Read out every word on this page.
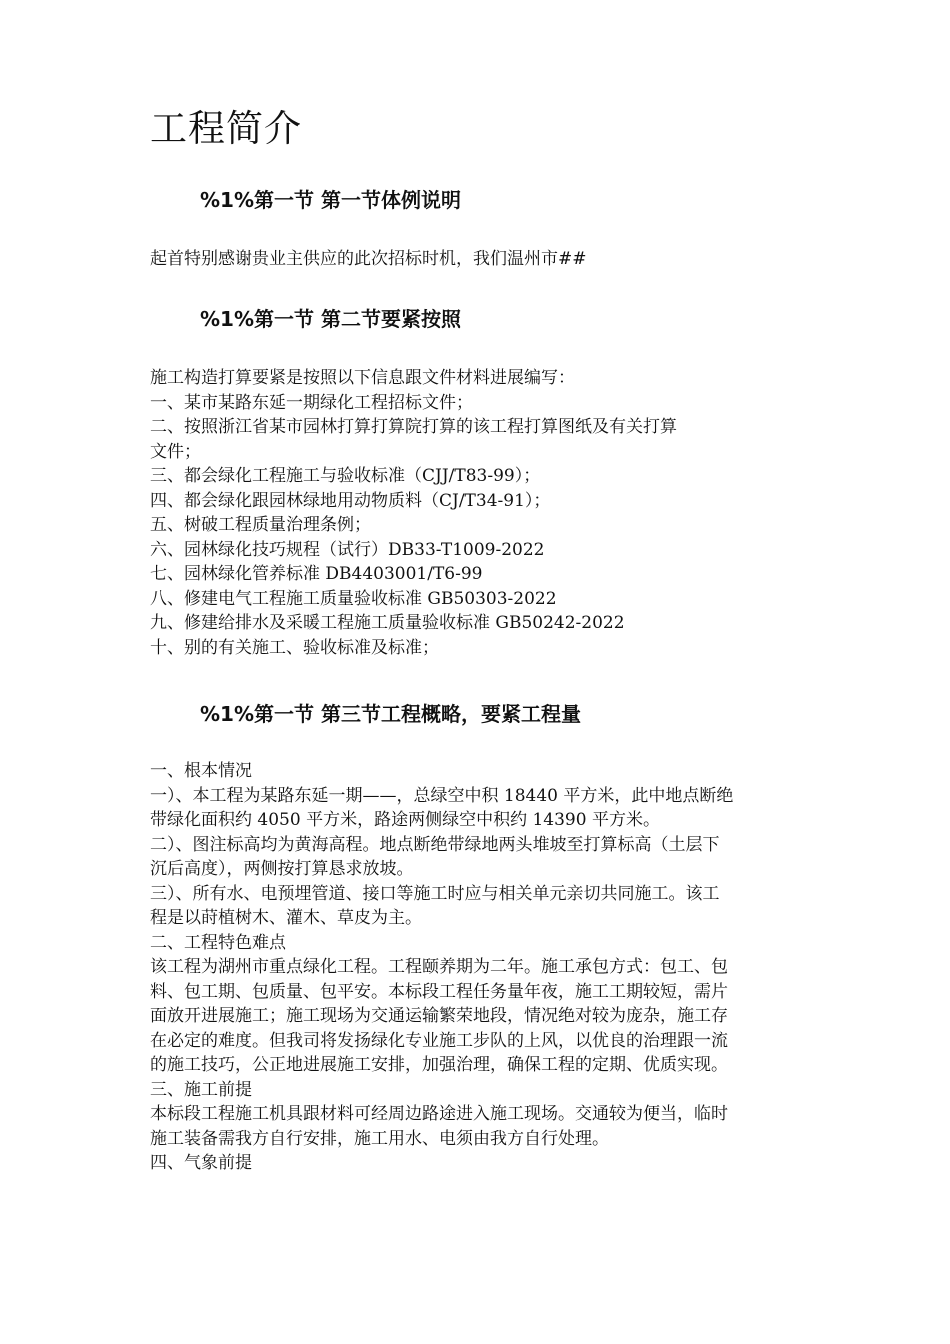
工程简介
%1%第一节 第一节体例说明
起首特别感谢贵业主供应的此次招标时机，我们温州市##
%1%第一节 第二节要紧按照
施工构造打算要紧是按照以下信息跟文件材料进展编写：
一、某市某路东延一期绿化工程招标文件；
二、按照浙江省某市园林打算打算院打算的该工程打算图纸及有关打算
文件；
三、都会绿化工程施工与验收标准（CJJ/T83-99）；
四、都会绿化跟园林绿地用动物质料（CJ/T34-91）；
五、树破工程质量治理条例；
六、园林绿化技巧规程（试行）DB33-T1009-2022
七、园林绿化管养标准 DB4403001/T6-99
八、修建电气工程施工质量验收标准 GB50303-2022
九、修建给排水及采暖工程施工质量验收标准 GB50242-2022
十、别的有关施工、验收标准及标准；
%1%第一节 第三节工程概略，要紧工程量
一、根本情况
一）、本工程为某路东延一期——，总绿空中积 18440 平方米，此中地点断绝
带绿化面积约 4050 平方米，路途两侧绿空中积约 14390 平方米。
二）、图注标高均为黄海高程。地点断绝带绿地两头堆坡至打算标高（土层下
沉后高度），两侧按打算恳求放坡。
三）、所有水、电预埋管道、接口等施工时应与相关单元亲切共同施工。该工
程是以莳植树木、灌木、草皮为主。
二、工程特色难点
该工程为湖州市重点绿化工程。工程颐养期为二年。施工承包方式：包工、包
料、包工期、包质量、包平安。本标段工程任务量年夜，施工工期较短，需片
面放开进展施工；施工现场为交通运输繁荣地段，情况绝对较为庞杂，施工存
在必定的难度。但我司将发扬绿化专业施工步队的上风，以优良的治理跟一流
的施工技巧，公正地进展施工安排，加强治理，确保工程的定期、优质实现。
三、施工前提
本标段工程施工机具跟材料可经周边路途进入施工现场。交通较为便当，临时
施工装备需我方自行安排，施工用水、电须由我方自行处理。
四、气象前提
